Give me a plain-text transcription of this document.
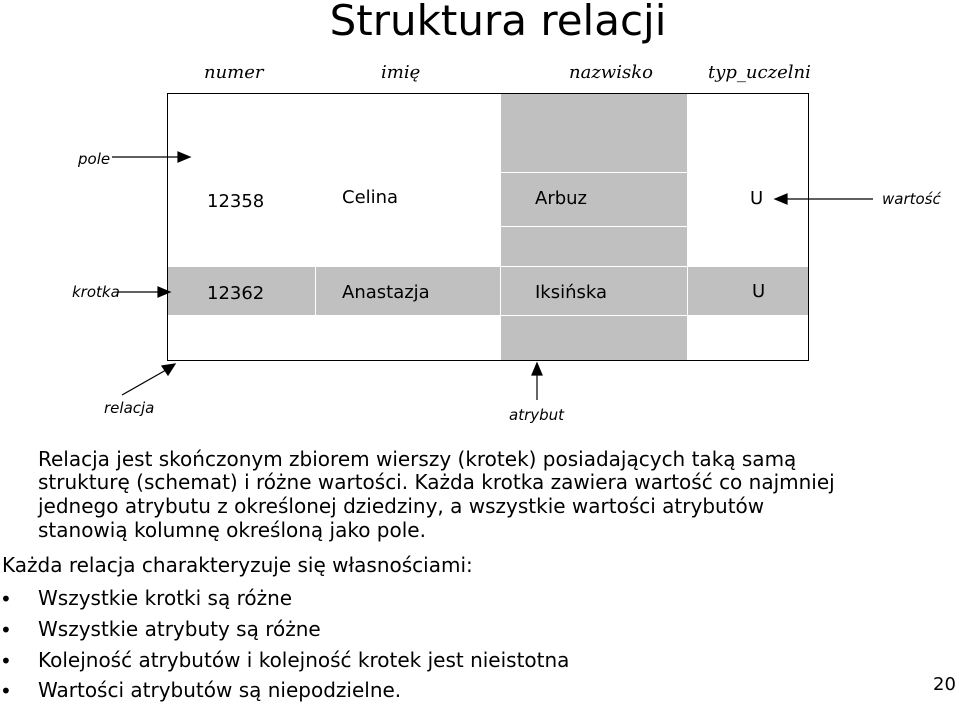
Struktura relacji
numer	imię	nazwisko	typ_uczelni
12358	Celina	Arbuz	U
12362	Anastazja	Iksińska	U
pole
wartość
krotka
relacja	atrybut
Relacja jest skończonym zbiorem wierszy (krotek) posiadających taką samą
strukturę (schemat) i różne wartości. Każda krotka zawiera wartość co najmniej
jednego atrybutu z określonej dziedziny, a wszystkie wartości atrybutów
stanowią kolumnę określoną jako pole.
Każda relacja charakteryzuje się własnościami:
• Wszystkie krotki są różne
• Wszystkie atrybuty są różne
• Kolejność atrybutów i kolejność krotek jest nieistotna
• Wartości atrybutów są niepodzielne.	20
